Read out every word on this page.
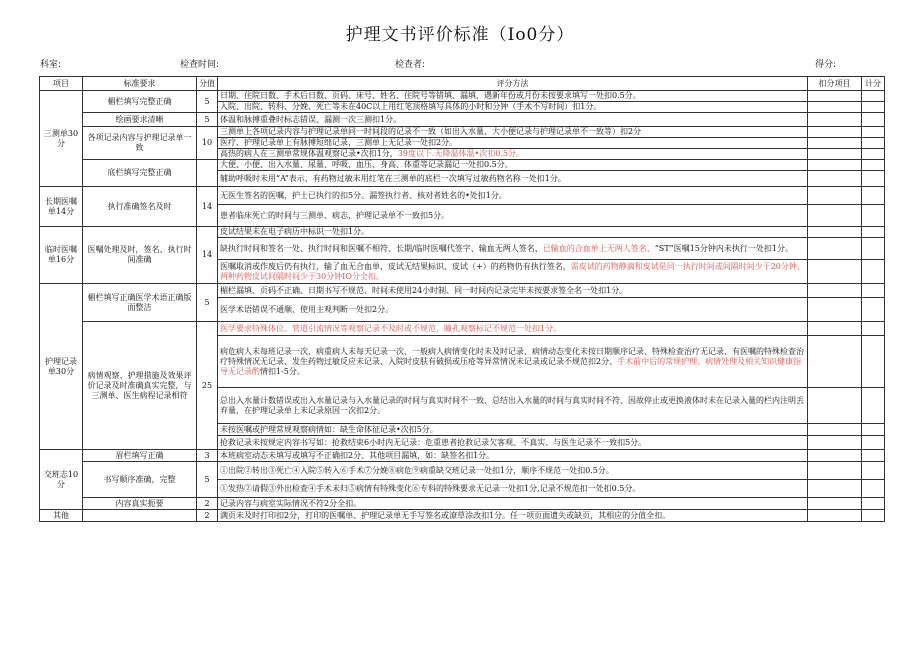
护理文书评价标准（Io0分）
科室:	检查时间:	检查者:	得分:
项目	标准要求	分值	评分方法	扣分项目	计分
三测单30分	楣栏填写完整正确	5	日期、住院日数、手术后日数、页码、床号、姓名、住院号等错填、漏填，遇新年份或月份未按要求填写一处扣0.5分。		
			入院、出院、转科、分娩、死亡等未在40C以上用红笔顶格填写具体的小时和分钟（手术不写时间）扣1分。		
	绘画要求清晰	5	体温和脉搏重叠时标志错误、漏测一次三测扣1分。		
	各项记录内容与护理记录单一致	10	三测单上各项记录内容与护理记录单同一时间段的记录不一致（如出入水量、大小便记录与护理记录单不一致等）扣2分		
			医疗、护理记录单上有脉搏短绌记录，三测单上无记录一处扣2分。		
			高热的病人在三测单常规体温观察记录•次扣1分，39度以下.无降温体温•次扣0.5分。		
	底栏填写完整正确		大便、小便、出入水量、尿量、呼吸、血压、身高、体重等记录漏记一处扣0.5分。		
			辅助呼吸时未用“A”表示、有药物过敏未用红笔在三测单的底栏一次填写过敏药物名称一处扣1分。		
长期医嘱单14分	执行准确签名及时	14	无医生签名的医嘱，护士已执行的扣5分。漏签执行者、核对者姓名的•处扣1分。		
			患者临床死亡的时间与三测单、病志、护理记录单不一致扣5分。		
临时医嘱单16分	医嘱处理及时，签名、执行时间准确	14	皮试结果未在电子病历中标识一处扣1分。		
			缺执行时间和签名一处、执行时间和医嘱不相符、长期/临时医嘱代签字、输血无两人签名、已输血的合血单上无两人签名、“ST”医嘱15分钟内未执行一处扣1分。		
			医嘱取消或作废后仍有执行，输了血无合血单，皮试无结果标识、皮试（+）的药物仍有执行签名，需皮试的药物静滴和皮试是同一执行时间或间隔时间少于20分钟，两种药物皮试间隔时间少于30分钟IO分全扣。		
护理记录单30分	楣栏填写正确医学术语正确版面整洁	5	楣栏漏填、页码不正确、日期书写不规范、时间未使用24小时制、同一时间内记录完毕未按要求签全名一处扣1分。		
			医学术语错误不通顺、使用主观判断一处扣2分。		
	病情观察、护理措施及效果评价记录及时准确真实完整，与三测单、医生病程记录相符	25	医学要求特殊体位、管道引流情况等观察记录不及时或不规范，瞳孔观察标记不规范一处扣1分。		
			病危病人未每班记录一次、病重病人未每天记录一次、一般病人病情变化时未及时记录、病情动态变化未按日期顺序记录、特殊检查治疗无记录、有医嘱的特殊检查治疗特殊情况无记录、发生药物过敏反应未记录、入院时皮肤有破损或压疮等异常情况未记录或记录不规范扣2分、手术前中后的常规护理、病情处理及相关知识健康指导无记录酌情扣1-5分。		
			总出入水量计数错误或出入水量记录与入水量记录的时间与真实时间不一致、总结出入水量的时间与真实时间不符、因故停止或更换液体时未在记录入量的栏内注明丢弃量，在护理记录单上未记录原因一次扣2分。		
			未按医嘱或护理常规观察病情如：缺生命体征记录•次扣5分。		
			抢救记录未按规定内容书写如：抢救结束6小时内无记录：危重患者抢救记录欠客观、不真实、与医生记录不一致扣5分。		
交班志10分	眉栏填写正确	3	本班病室动态未填写或填写不正确扣2分、其他项目漏填，如：缺签名扣1分。		
	书写顺序准确，完整	5	①出院②转出③死亡④入院⑤转入⑥手术⑦分娩⑧病危⑨病重缺交班记录一处扣1分，顺序不规范一处扣0.5分。		
			①发热②请假③外出检查④手术未归⑤病情有特殊变化⑥专科的特殊要求无记录一处扣1分,记录不规范扣一处扣0.5分。		
	内容真实扼要	2	记录内容与病室实际情况不符2分全扣。		
其他		2	满页未及时打印扣2分，打印的医嘱单、护理记录单无手写签名或潦草涂改扣1分。任一项页面遗失或缺页，其相应的分值全扣。		
